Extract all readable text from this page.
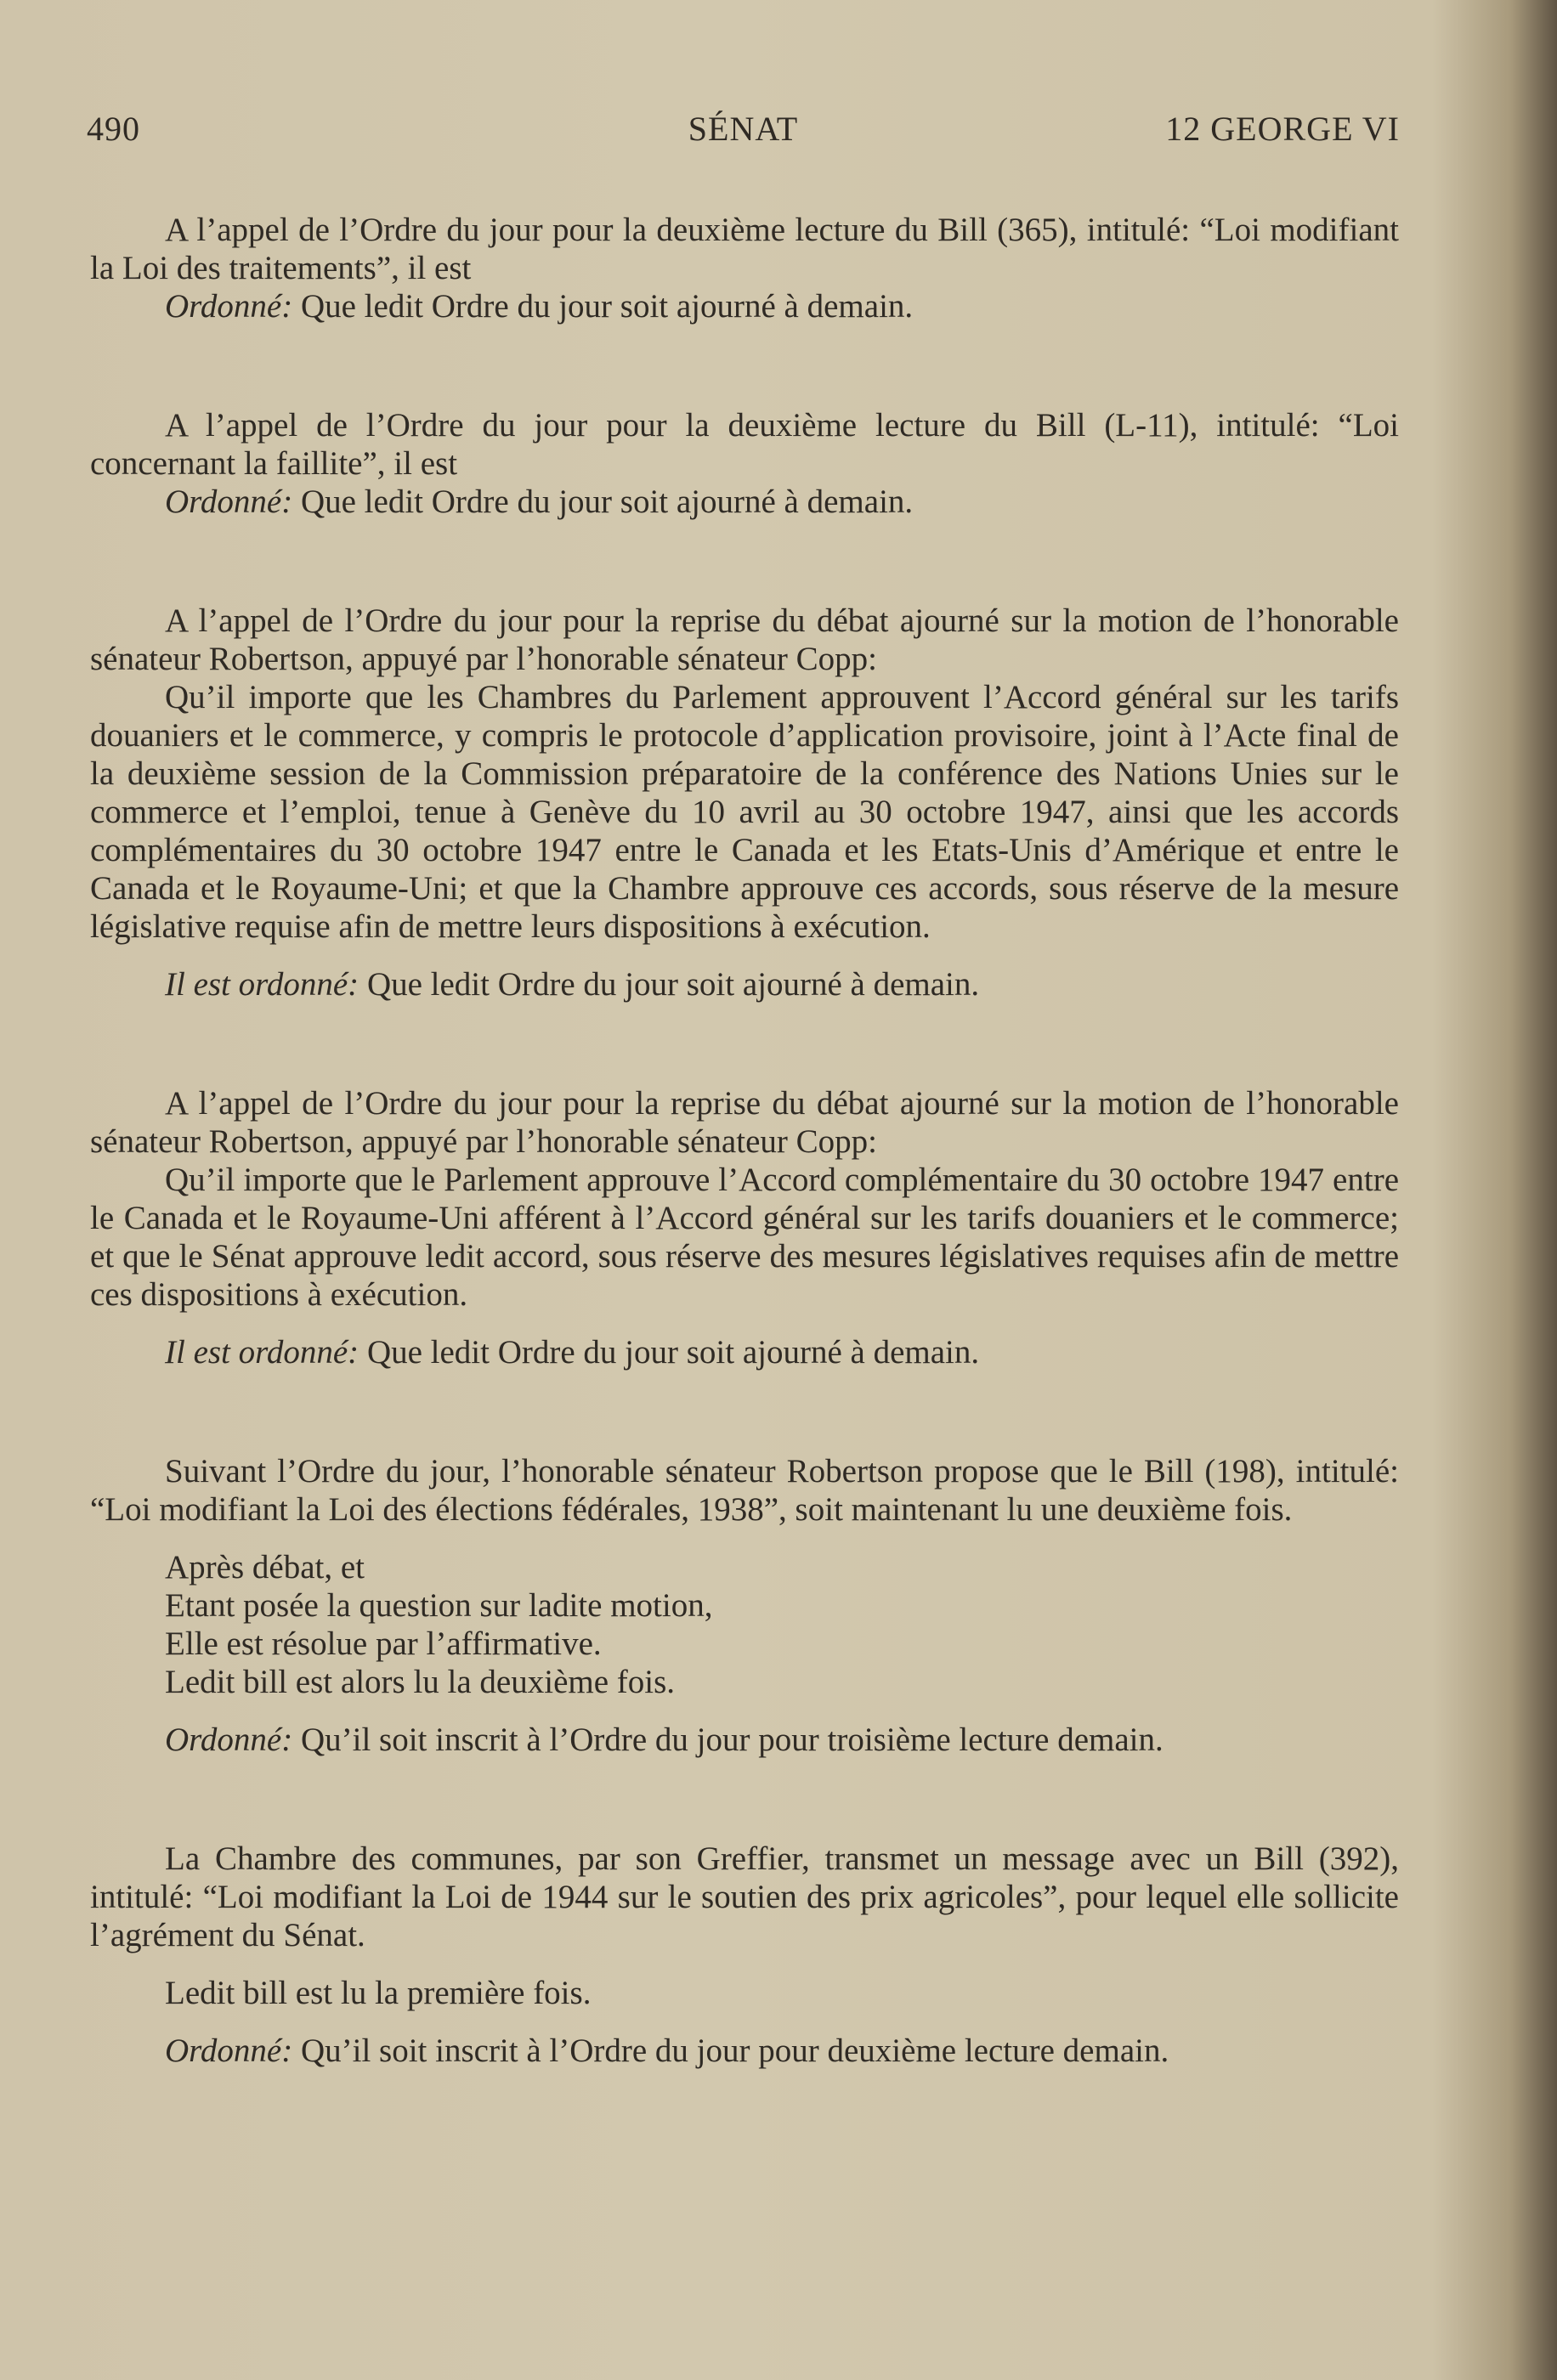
490	SÉNAT	12 GEORGE VI

A l’appel de l’Ordre du jour pour la deuxième lecture du Bill (365), intitulé: “Loi modifiant la Loi des traitements”, il est

Ordonné: Que ledit Ordre du jour soit ajourné à demain.

A l’appel de l’Ordre du jour pour la deuxième lecture du Bill (L-11), intitulé: “Loi concernant la faillite”, il est

Ordonné: Que ledit Ordre du jour soit ajourné à demain.

A l’appel de l’Ordre du jour pour la reprise du débat ajourné sur la motion de l’honorable sénateur Robertson, appuyé par l’honorable sénateur Copp:

Qu’il importe que les Chambres du Parlement approuvent l’Accord général sur les tarifs douaniers et le commerce, y compris le protocole d’application provisoire, joint à l’Acte final de la deuxième session de la Commission préparatoire de la conférence des Nations Unies sur le commerce et l’emploi, tenue à Genève du 10 avril au 30 octobre 1947, ainsi que les accords complémentaires du 30 octobre 1947 entre le Canada et les Etats-Unis d’Amérique et entre le Canada et le Royaume-Uni; et que la Chambre approuve ces accords, sous réserve de la mesure législative requise afin de mettre leurs dispositions à exécution.

Il est ordonné: Que ledit Ordre du jour soit ajourné à demain.

A l’appel de l’Ordre du jour pour la reprise du débat ajourné sur la motion de l’honorable sénateur Robertson, appuyé par l’honorable sénateur Copp:

Qu’il importe que le Parlement approuve l’Accord complémentaire du 30 octobre 1947 entre le Canada et le Royaume-Uni afférent à l’Accord général sur les tarifs douaniers et le commerce; et que le Sénat approuve ledit accord, sous réserve des mesures législatives requises afin de mettre ces dispositions à exécution.

Il est ordonné: Que ledit Ordre du jour soit ajourné à demain.

Suivant l’Ordre du jour, l’honorable sénateur Robertson propose que le Bill (198), intitulé: “Loi modifiant la Loi des élections fédérales, 1938”, soit maintenant lu une deuxième fois.

Après débat, et

Etant posée la question sur ladite motion,

Elle est résolue par l’affirmative.

Ledit bill est alors lu la deuxième fois.

Ordonné: Qu’il soit inscrit à l’Ordre du jour pour troisième lecture demain.

La Chambre des communes, par son Greffier, transmet un message avec un Bill (392), intitulé: “Loi modifiant la Loi de 1944 sur le soutien des prix agricoles”, pour lequel elle sollicite l’agrément du Sénat.

Ledit bill est lu la première fois.

Ordonné: Qu’il soit inscrit à l’Ordre du jour pour deuxième lecture demain.
